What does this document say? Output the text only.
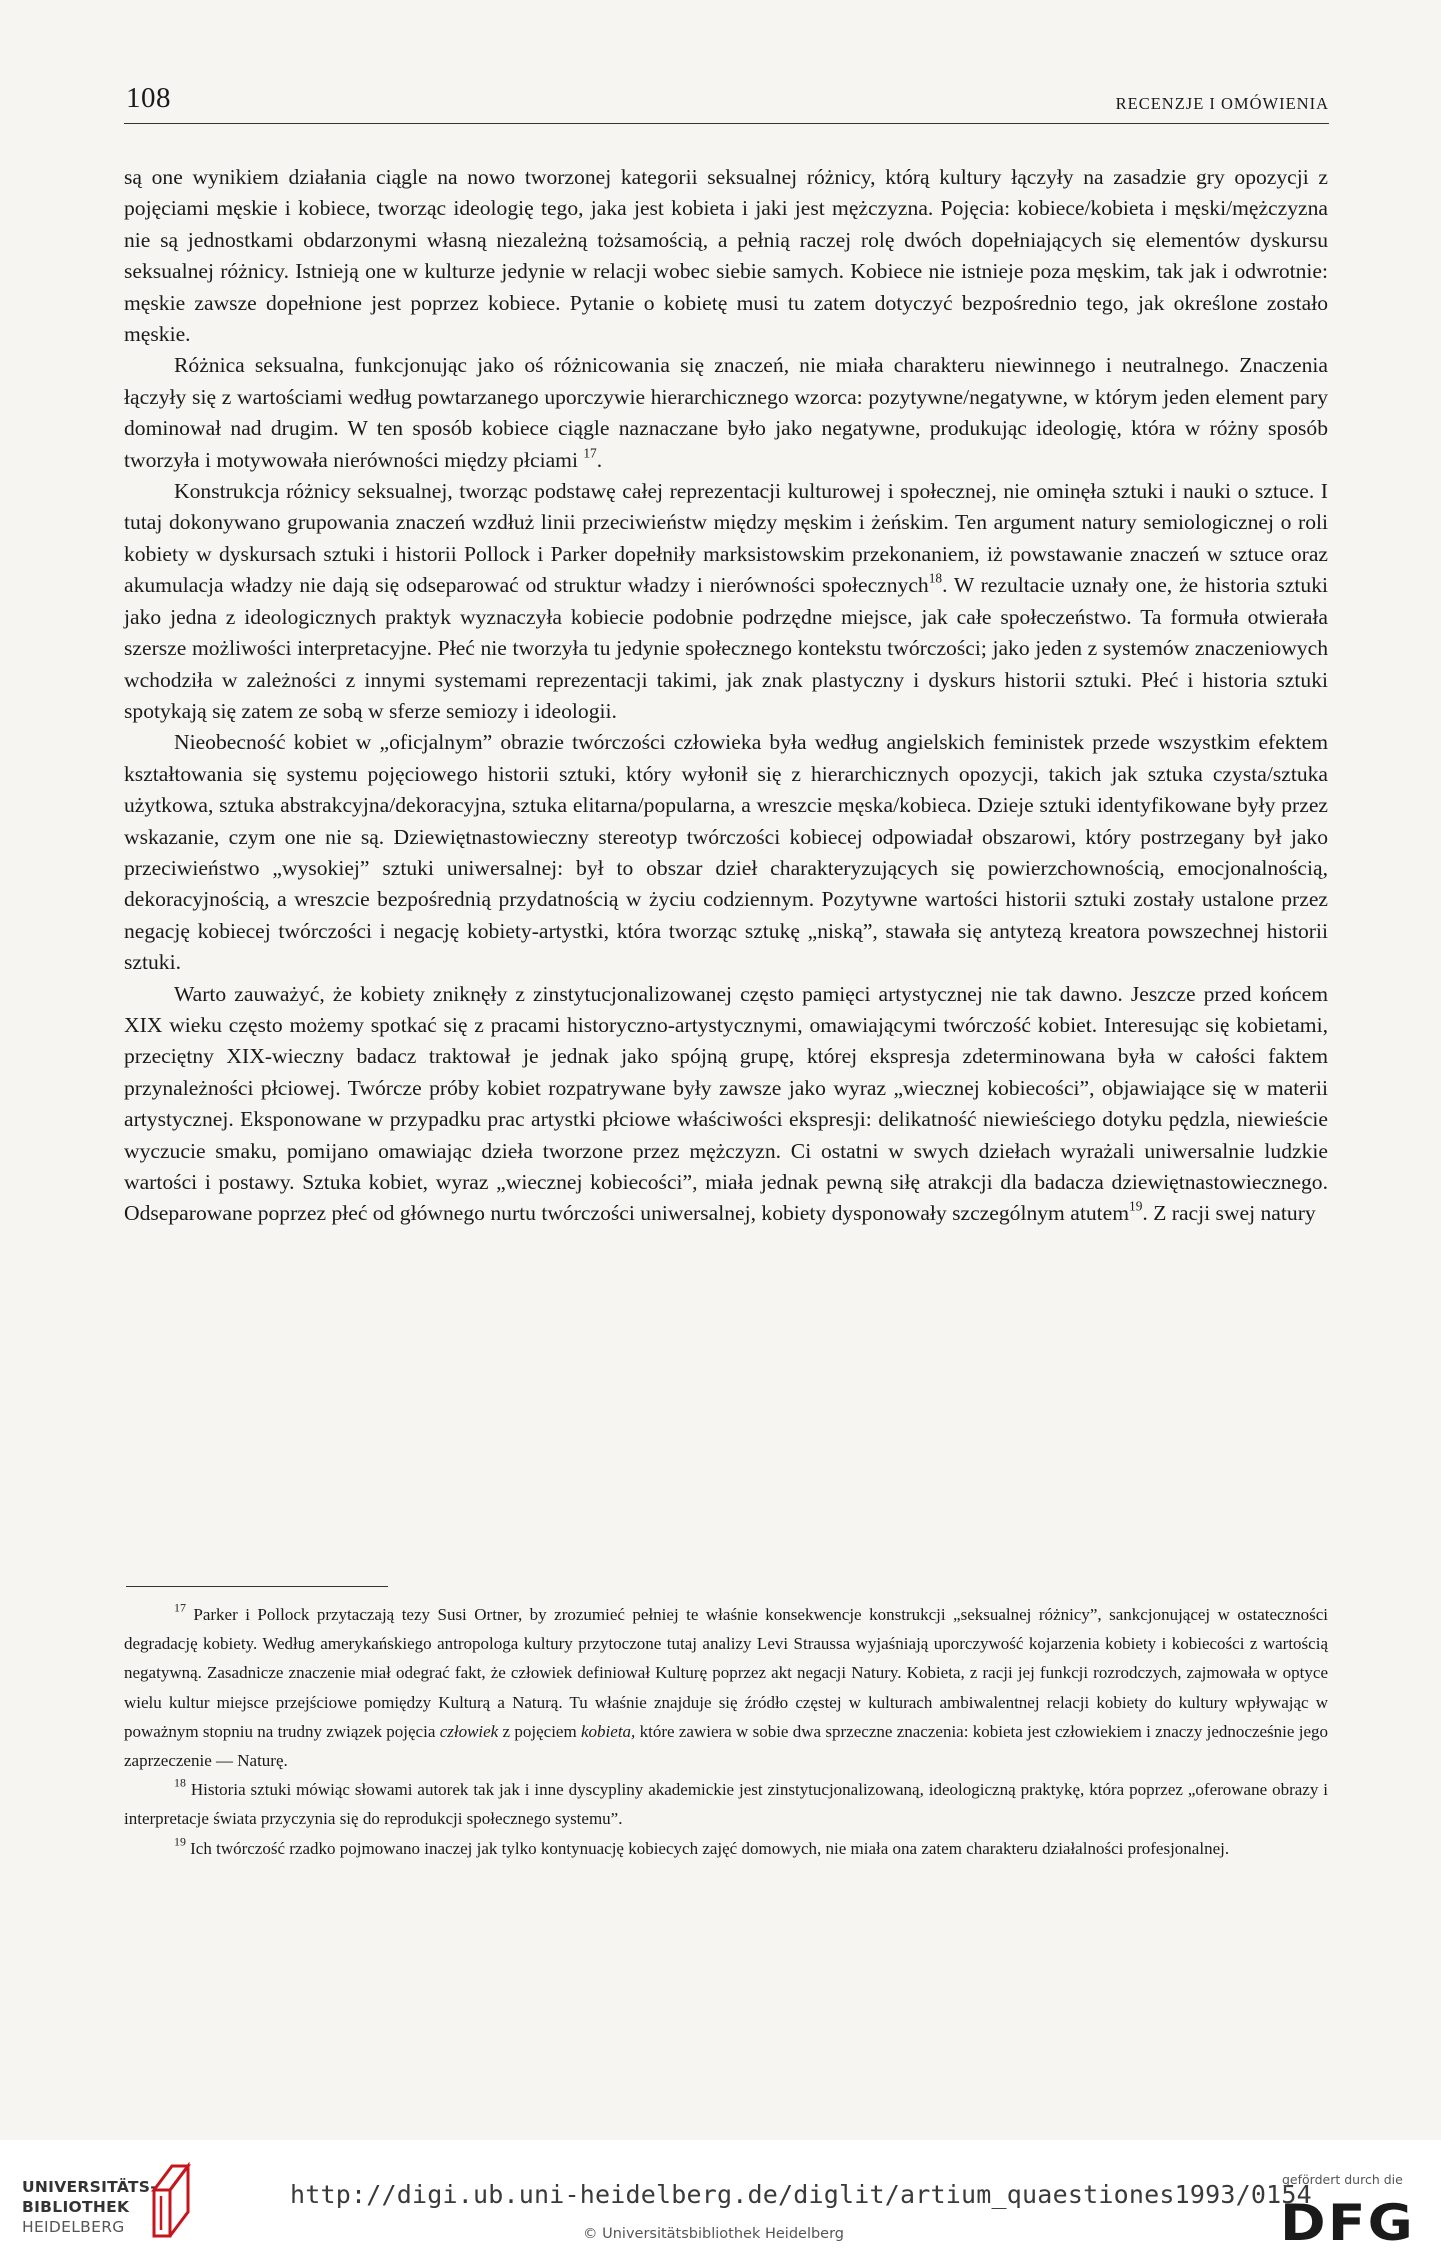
108	RECENZJE I OMÓWIENIA

są one wynikiem działania ciągle na nowo tworzonej kategorii seksualnej różnicy, którą kultury łączyły na zasadzie gry opozycji z pojęciami męskie i kobiece, tworząc ideologię tego, jaka jest kobieta i jaki jest mężczyzna. Pojęcia: kobiece/kobieta i męski/mężczyzna nie są jednostkami obdarzonymi własną niezależną tożsamością, a pełnią raczej rolę dwóch dopełniających się elementów dyskursu seksualnej różnicy. Istnieją one w kulturze jedynie w relacji wobec siebie samych. Kobiece nie istnieje poza męskim, tak jak i odwrotnie: męskie zawsze dopełnione jest poprzez kobiece. Pytanie o kobietę musi tu zatem dotyczyć bezpośrednio tego, jak określone zostało męskie.

Różnica seksualna, funkcjonując jako oś różnicowania się znaczeń, nie miała charakteru niewinnego i neutralnego. Znaczenia łączyły się z wartościami według powtarzanego uporczywie hierarchicznego wzorca: pozytywne/negatywne, w którym jeden element pary dominował nad drugim. W ten sposób kobiece ciągle naznaczane było jako negatywne, produkując ideologię, która w różny sposób tworzyła i motywowała nierówności między płciami $^{17}$.

Konstrukcja różnicy seksualnej, tworząc podstawę całej reprezentacji kulturowej i społecznej, nie ominęła sztuki i nauki o sztuce. I tutaj dokonywano grupowania znaczeń wzdłuż linii przeciwieństw między męskim i żeńskim. Ten argument natury semiologicznej o roli kobiety w dyskursach sztuki i historii Pollock i Parker dopełniły marksistowskim przekonaniem, iż powstawanie znaczeń w sztuce oraz akumulacja władzy nie dają się odseparować od struktur władzy i nierówności społecznych$^{18}$. W rezultacie uznały one, że historia sztuki jako jedna z ideologicznych praktyk wyznaczyła kobiecie podobnie podrzędne miejsce, jak całe społeczeństwo. Ta formuła otwierała szersze możliwości interpretacyjne. Płeć nie tworzyła tu jedynie społecznego kontekstu twórczości; jako jeden z systemów znaczeniowych wchodziła w zależności z innymi systemami reprezentacji takimi, jak znak plastyczny i dyskurs historii sztuki. Płeć i historia sztuki spotykają się zatem ze sobą w sferze semiozy i ideologii.

Nieobecność kobiet w „oficjalnym” obrazie twórczości człowieka była według angielskich feministek przede wszystkim efektem kształtowania się systemu pojęciowego historii sztuki, który wyłonił się z hierarchicznych opozycji, takich jak sztuka czysta/sztuka użytkowa, sztuka abstrakcyjna/dekoracyjna, sztuka elitarna/popularna, a wreszcie męska/kobieca. Dzieje sztuki identyfikowane były przez wskazanie, czym one nie są. Dziewiętnastowieczny stereotyp twórczości kobiecej odpowiadał obszarowi, który postrzegany był jako przeciwieństwo „wysokiej” sztuki uniwersalnej: był to obszar dzieł charakteryzujących się powierzchownością, emocjonalnością, dekoracyjnością, a wreszcie bezpośrednią przydatnością w życiu codziennym. Pozytywne wartości historii sztuki zostały ustalone przez negację kobiecej twórczości i negację kobiety-artystki, która tworząc sztukę „niską”, stawała się antytezą kreatora powszechnej historii sztuki.

Warto zauważyć, że kobiety zniknęły z zinstytucjonalizowanej często pamięci artystycznej nie tak dawno. Jeszcze przed końcem XIX wieku często możemy spotkać się z pracami historyczno-artystycznymi, omawiającymi twórczość kobiet. Interesując się kobietami, przeciętny XIX-wieczny badacz traktował je jednak jako spójną grupę, której ekspresja zdeterminowana była w całości faktem przynależności płciowej. Twórcze próby kobiet rozpatrywane były zawsze jako wyraz „wiecznej kobiecości”, objawiające się w materii artystycznej. Eksponowane w przypadku prac artystki płciowe właściwości ekspresji: delikatność niewieściego dotyku pędzla, niewieście wyczucie smaku, pomijano omawiając dzieła tworzone przez mężczyzn. Ci ostatni w swych dziełach wyrażali uniwersalnie ludzkie wartości i postawy. Sztuka kobiet, wyraz „wiecznej kobiecości”, miała jednak pewną siłę atrakcji dla badacza dziewiętnastowiecznego. Odseparowane poprzez płeć od głównego nurtu twórczości uniwersalnej, kobiety dysponowały szczególnym atutem$^{19}$. Z racji swej natury

$^{17}$ Parker i Pollock przytaczają tezy Susi Ortner, by zrozumieć pełniej te właśnie konsekwencje konstrukcji „seksualnej różnicy”, sankcjonującej w ostateczności degradację kobiety. Według amerykańskiego antropologa kultury przytoczone tutaj analizy Levi Straussa wyjaśniają uporczywość kojarzenia kobiety i kobiecości z wartością negatywną. Zasadnicze znaczenie miał odegrać fakt, że człowiek definiował Kulturę poprzez akt negacji Natury. Kobieta, z racji jej funkcji rozrodczych, zajmowała w optyce wielu kultur miejsce przejściowe pomiędzy Kulturą a Naturą. Tu właśnie znajduje się źródło częstej w kulturach ambiwalentnej relacji kobiety do kultury wpływając w poważnym stopniu na trudny związek pojęcia człowiek z pojęciem kobieta, które zawiera w sobie dwa sprzeczne znaczenia: kobieta jest człowiekiem i znaczy jednocześnie jego zaprzeczenie — Naturę.

$^{18}$ Historia sztuki mówiąc słowami autorek tak jak i inne dyscypliny akademickie jest zinstytucjonalizowaną, ideologiczną praktykę, która poprzez „oferowane obrazy i interpretacje świata przyczynia się do reprodukcji społecznego systemu”.

$^{19}$ Ich twórczość rzadko pojmowano inaczej jak tylko kontynuację kobiecych zajęć domowych, nie miała ona zatem charakteru działalności profesjonalnej.

UNIVERSITÄTS-
BIBLIOTHEK
HEIDELBERG
http://digi.ub.uni-heidelberg.de/diglit/artium_quaestiones1993/0154
© Universitätsbibliothek Heidelberg
gefördert durch die
DFG
